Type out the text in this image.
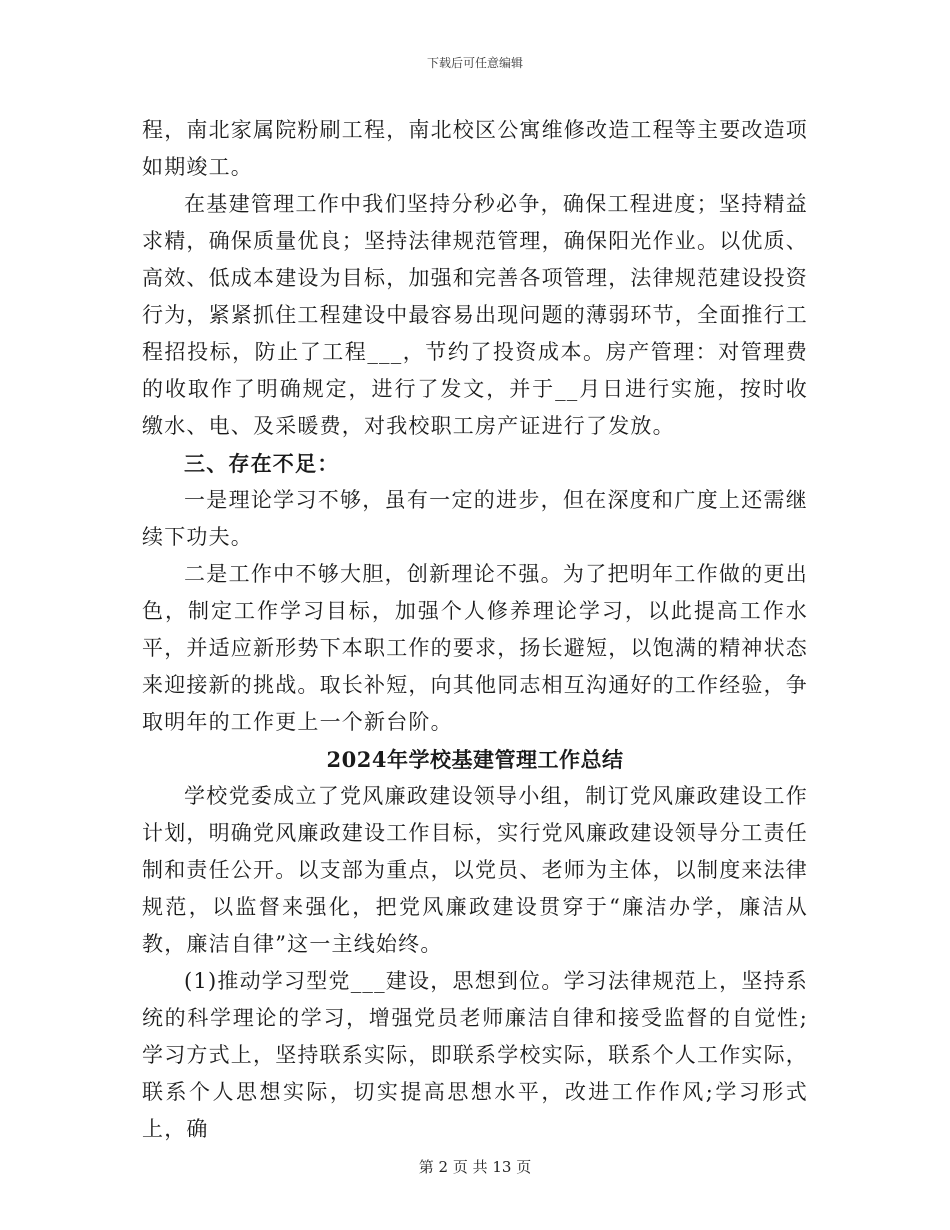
下载后可任意编辑

程，南北家属院粉刷工程，南北校区公寓维修改造工程等主要改造项如期竣工。

在基建管理工作中我们坚持分秒必争，确保工程进度；坚持精益求精，确保质量优良；坚持法律规范管理，确保阳光作业。以优质、高效、低成本建设为目标，加强和完善各项管理，法律规范建设投资行为，紧紧抓住工程建设中最容易出现问题的薄弱环节，全面推行工程招投标，防止了工程___，节约了投资成本。房产管理：对管理费的收取作了明确规定，进行了发文，并于__月日进行实施，按时收缴水、电、及采暖费，对我校职工房产证进行了发放。

三、存在不足：

一是理论学习不够，虽有一定的进步，但在深度和广度上还需继续下功夫。

二是工作中不够大胆，创新理论不强。为了把明年工作做的更出色，制定工作学习目标，加强个人修养理论学习，以此提高工作水平，并适应新形势下本职工作的要求，扬长避短，以饱满的精神状态来迎接新的挑战。取长补短，向其他同志相互沟通好的工作经验，争取明年的工作更上一个新台阶。

2024年学校基建管理工作总结

学校党委成立了党风廉政建设领导小组，制订党风廉政建设工作计划，明确党风廉政建设工作目标，实行党风廉政建设领导分工责任制和责任公开。以支部为重点，以党员、老师为主体，以制度来法律规范，以监督来强化，把党风廉政建设贯穿于“廉洁办学，廉洁从教，廉洁自律”这一主线始终。

(1)推动学习型党___建设，思想到位。学习法律规范上，坚持系统的科学理论的学习，增强党员老师廉洁自律和接受监督的自觉性;学习方式上，坚持联系实际，即联系学校实际，联系个人工作实际，联系个人思想实际，切实提高思想水平，改进工作作风;学习形式上，确

第 2 页 共 13 页
